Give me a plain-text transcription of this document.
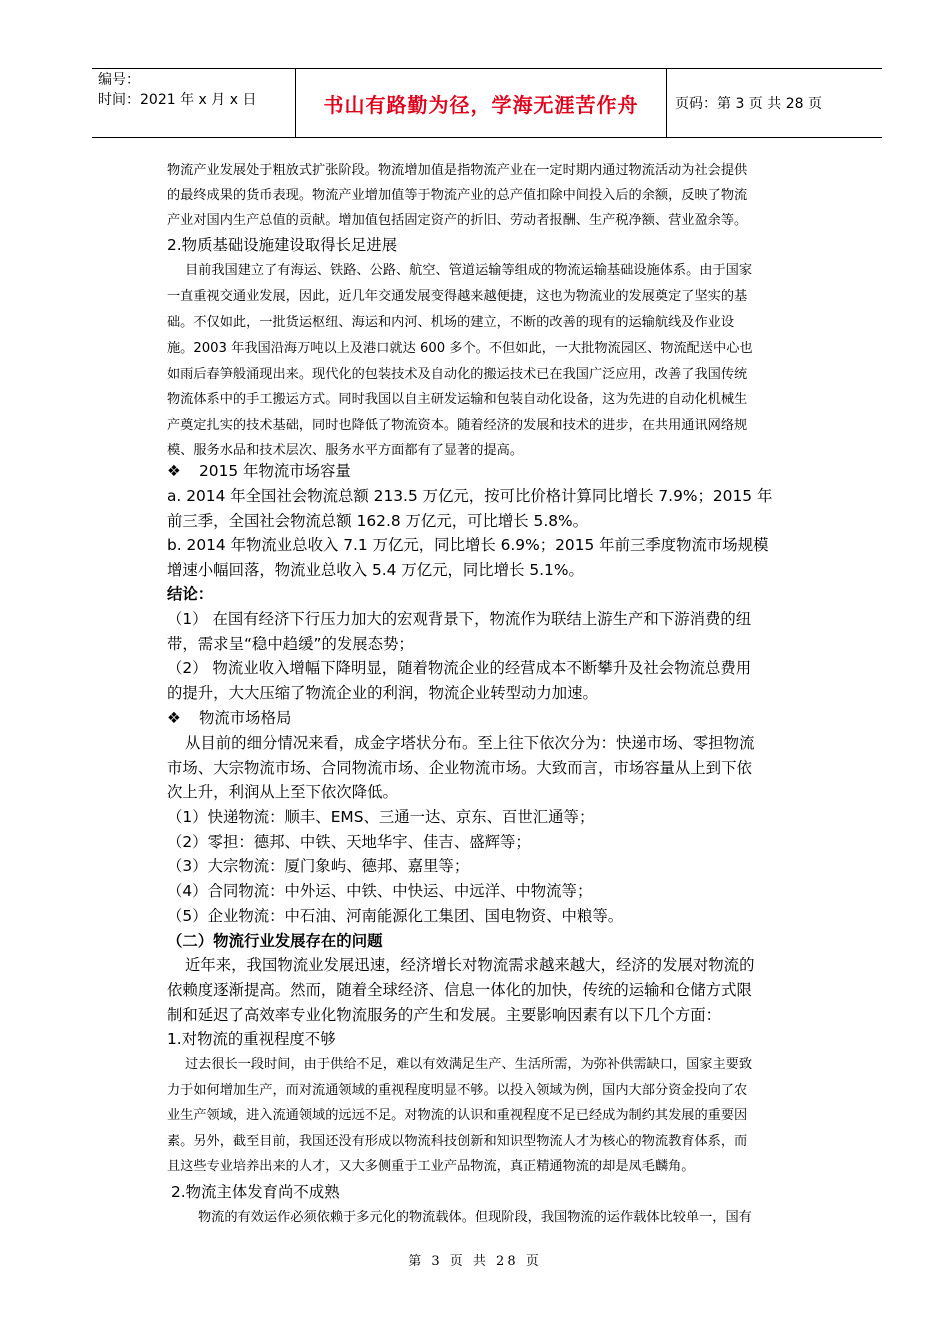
编号：
时间：2021 年 x 月 x 日	书山有路勤为径，学海无涯苦作舟	页码：第 3 页 共 28 页
物流产业发展处于粗放式扩张阶段。物流增加值是指物流产业在一定时期内通过物流活动为社会提供
的最终成果的货币表现。物流产业增加值等于物流产业的总产值扣除中间投入后的余额，反映了物流
产业对国内生产总值的贡献。增加值包括固定资产的折旧、劳动者报酬、生产税净额、营业盈余等。
2.物质基础设施建设取得长足进展
目前我国建立了有海运、铁路、公路、航空、管道运输等组成的物流运输基础设施体系。由于国家
一直重视交通业发展，因此，近几年交通发展变得越来越便捷，这也为物流业的发展奠定了坚实的基
础。不仅如此，一批货运枢纽、海运和内河、机场的建立，不断的改善的现有的运输航线及作业设
施。2003 年我国沿海万吨以上及港口就达 600 多个。不但如此，一大批物流园区、物流配送中心也
如雨后春笋般涌现出来。现代化的包装技术及自动化的搬运技术已在我国广泛应用，改善了我国传统
物流体系中的手工搬运方式。同时我国以自主研发运输和包装自动化设备，这为先进的自动化机械生
产奠定扎实的技术基础，同时也降低了物流资本。随着经济的发展和技术的进步，在共用通讯网络规
模、服务水品和技术层次、服务水平方面都有了显著的提高。
❖ 2015 年物流市场容量
a. 2014 年全国社会物流总额 213.5 万亿元，按可比价格计算同比增长 7.9%；2015 年
前三季，全国社会物流总额 162.8 万亿元，可比增长 5.8%。
b. 2014 年物流业总收入 7.1 万亿元，同比增长 6.9%；2015 年前三季度物流市场规模
增速小幅回落，物流业总收入 5.4 万亿元，同比增长 5.1%。
结论：
（1） 在国有经济下行压力加大的宏观背景下，物流作为联结上游生产和下游消费的纽
带，需求呈“稳中趋缓”的发展态势；
（2） 物流业收入增幅下降明显，随着物流企业的经营成本不断攀升及社会物流总费用
的提升，大大压缩了物流企业的利润，物流企业转型动力加速。
❖ 物流市场格局
从目前的细分情况来看，成金字塔状分布。至上往下依次分为：快递市场、零担物流
市场、大宗物流市场、合同物流市场、企业物流市场。大致而言，市场容量从上到下依
次上升，利润从上至下依次降低。
（1）快递物流：顺丰、EMS、三通一达、京东、百世汇通等；
（2）零担：德邦、中铁、天地华宇、佳吉、盛辉等；
（3）大宗物流：厦门象屿、德邦、嘉里等；
（4）合同物流：中外运、中铁、中快运、中远洋、中物流等；
（5）企业物流：中石油、河南能源化工集团、国电物资、中粮等。
（二）物流行业发展存在的问题
近年来，我国物流业发展迅速，经济增长对物流需求越来越大，经济的发展对物流的
依赖度逐渐提高。然而，随着全球经济、信息一体化的加快，传统的运输和仓储方式限
制和延迟了高效率专业化物流服务的产生和发展。主要影响因素有以下几个方面：
1.对物流的重视程度不够
过去很长一段时间，由于供给不足，难以有效满足生产、生活所需，为弥补供需缺口，国家主要致
力于如何增加生产，而对流通领域的重视程度明显不够。以投入领域为例，国内大部分资金投向了农
业生产领域，进入流通领域的远远不足。对物流的认识和重视程度不足已经成为制约其发展的重要因
素。另外，截至目前，我国还没有形成以物流科技创新和知识型物流人才为核心的物流教育体系，而
且这些专业培养出来的人才，又大多侧重于工业产品物流，真正精通物流的却是凤毛麟角。
2.物流主体发育尚不成熟
物流的有效运作必须依赖于多元化的物流载体。但现阶段，我国物流的运作载体比较单一，国有
第 3 页 共 28 页
